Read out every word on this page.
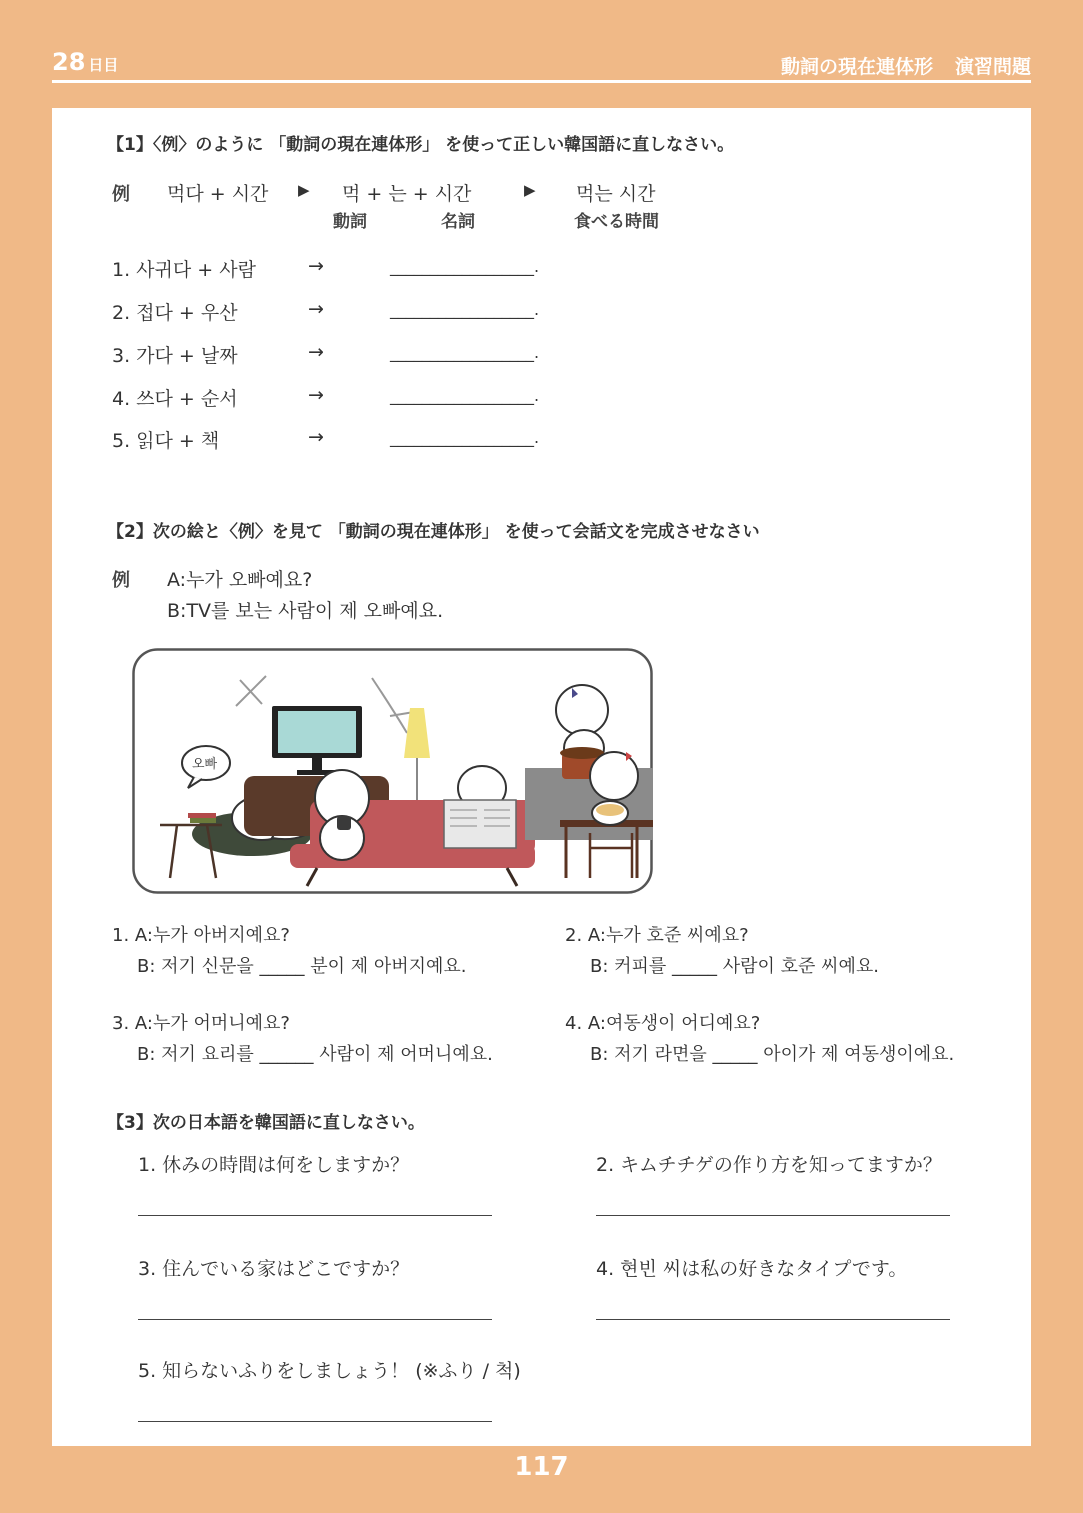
28 日目	動詞の現在連体形 演習問題
【1】〈例〉のように 「動詞の現在連体形」 を使って正しい韓国語に直しなさい。
例 먹다 + 시간 ▶ 먹 + 는 + 시간	▶ 먹는 시간
動詞	名詞	食べる時間
1. 사귀다 + 사람	→	__________________.
2. 접다 + 우산	→	__________________.
3. 가다 + 날짜	→	__________________.
4. 쓰다 + 순서	→	__________________.
5. 읽다 + 책	→	__________________.
【2】次の絵と〈例〉を見て 「動詞の現在連体形」 を使って会話文を完成させなさい
例 A:누가 오빠예요?
B:TV를 보는 사람이 제 오빠예요.
오빠
1. A:누가 아버지예요?
B: 저기 신문을 _____ 분이 제 아버지예요.
2. A:누가 호준 씨예요?
B: 커피를 _____ 사람이 호준 씨예요.
3. A:누가 어머니예요?
B: 저기 요리를 ______ 사람이 제 어머니예요.
4. A:여동생이 어디예요?
B: 저기 라면을 _____ 아이가 제 여동생이에요.
【3】次の日本語を韓国語に直しなさい。
1. 休みの時間は何をしますか？	2. キムチチゲの作り方を知ってますか？
3. 住んでいる家はどこですか？	4. 현빈 씨は私の好きなタイプです。
5. 知らないふりをしましょう！ (※ふり / 척)
117
